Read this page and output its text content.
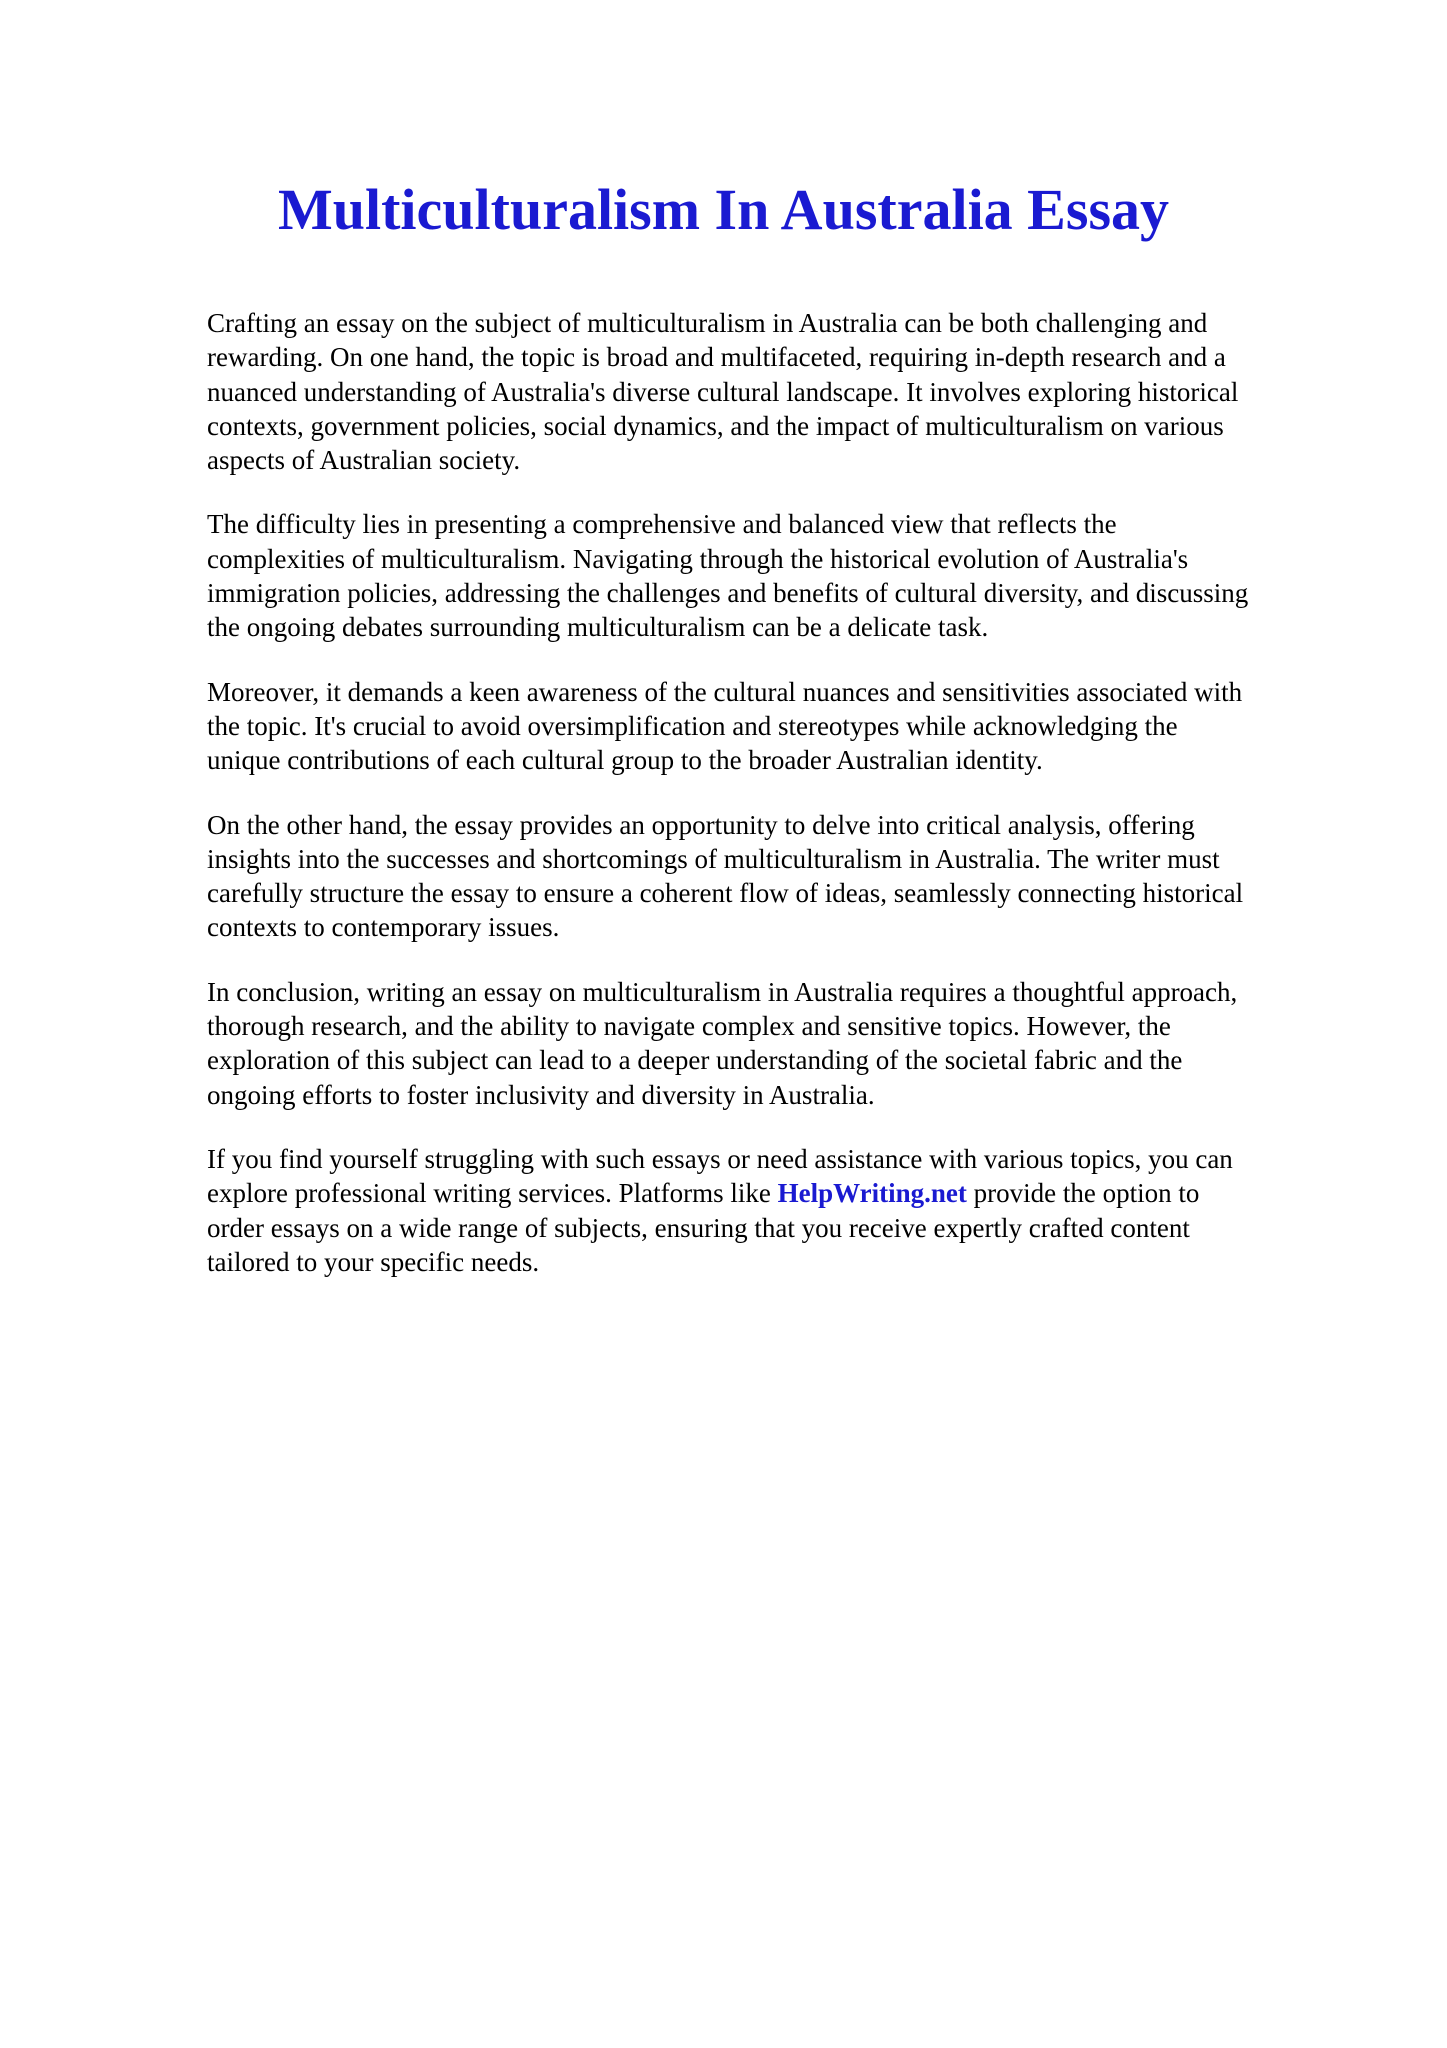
Multiculturalism In Australia Essay

Crafting an essay on the subject of multiculturalism in Australia can be both challenging and
rewarding. On one hand, the topic is broad and multifaceted, requiring in-depth research and a
nuanced understanding of Australia's diverse cultural landscape. It involves exploring historical
contexts, government policies, social dynamics, and the impact of multiculturalism on various
aspects of Australian society.

The difficulty lies in presenting a comprehensive and balanced view that reflects the
complexities of multiculturalism. Navigating through the historical evolution of Australia's
immigration policies, addressing the challenges and benefits of cultural diversity, and discussing
the ongoing debates surrounding multiculturalism can be a delicate task.

Moreover, it demands a keen awareness of the cultural nuances and sensitivities associated with
the topic. It's crucial to avoid oversimplification and stereotypes while acknowledging the
unique contributions of each cultural group to the broader Australian identity.

On the other hand, the essay provides an opportunity to delve into critical analysis, offering
insights into the successes and shortcomings of multiculturalism in Australia. The writer must
carefully structure the essay to ensure a coherent flow of ideas, seamlessly connecting historical
contexts to contemporary issues.

In conclusion, writing an essay on multiculturalism in Australia requires a thoughtful approach,
thorough research, and the ability to navigate complex and sensitive topics. However, the
exploration of this subject can lead to a deeper understanding of the societal fabric and the
ongoing efforts to foster inclusivity and diversity in Australia.

If you find yourself struggling with such essays or need assistance with various topics, you can
explore professional writing services. Platforms like HelpWriting.net provide the option to
order essays on a wide range of subjects, ensuring that you receive expertly crafted content
tailored to your specific needs.
